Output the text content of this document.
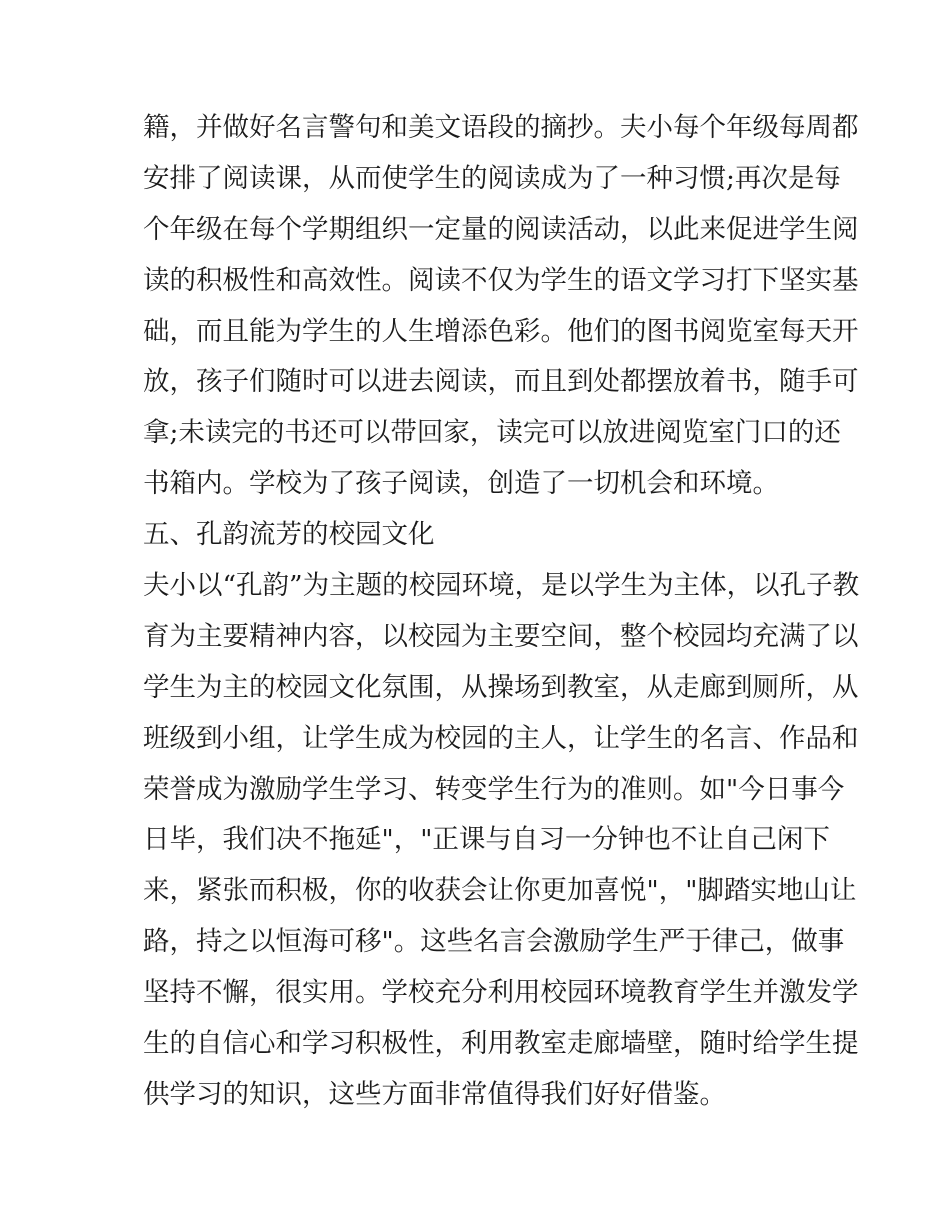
籍，并做好名言警句和美文语段的摘抄。夫小每个年级每周都
安排了阅读课，从而使学生的阅读成为了一种习惯;再次是每
个年级在每个学期组织一定量的阅读活动，以此来促进学生阅
读的积极性和高效性。阅读不仅为学生的语文学习打下坚实基
础，而且能为学生的人生增添色彩。他们的图书阅览室每天开
放，孩子们随时可以进去阅读，而且到处都摆放着书，随手可
拿;未读完的书还可以带回家，读完可以放进阅览室门口的还
书箱内。学校为了孩子阅读，创造了一切机会和环境。
五、孔韵流芳的校园文化
夫小以“孔韵”为主题的校园环境，是以学生为主体，以孔子教
育为主要精神内容，以校园为主要空间，整个校园均充满了以
学生为主的校园文化氛围，从操场到教室，从走廊到厕所，从
班级到小组，让学生成为校园的主人，让学生的名言、作品和
荣誉成为激励学生学习、转变学生行为的准则。如"今日事今
日毕，我们决不拖延"，"正课与自习一分钟也不让自己闲下
来，紧张而积极，你的收获会让你更加喜悦"，"脚踏实地山让
路，持之以恒海可移"。这些名言会激励学生严于律己，做事
坚持不懈，很实用。学校充分利用校园环境教育学生并激发学
生的自信心和学习积极性，利用教室走廊墙壁，随时给学生提
供学习的知识，这些方面非常值得我们好好借鉴。
